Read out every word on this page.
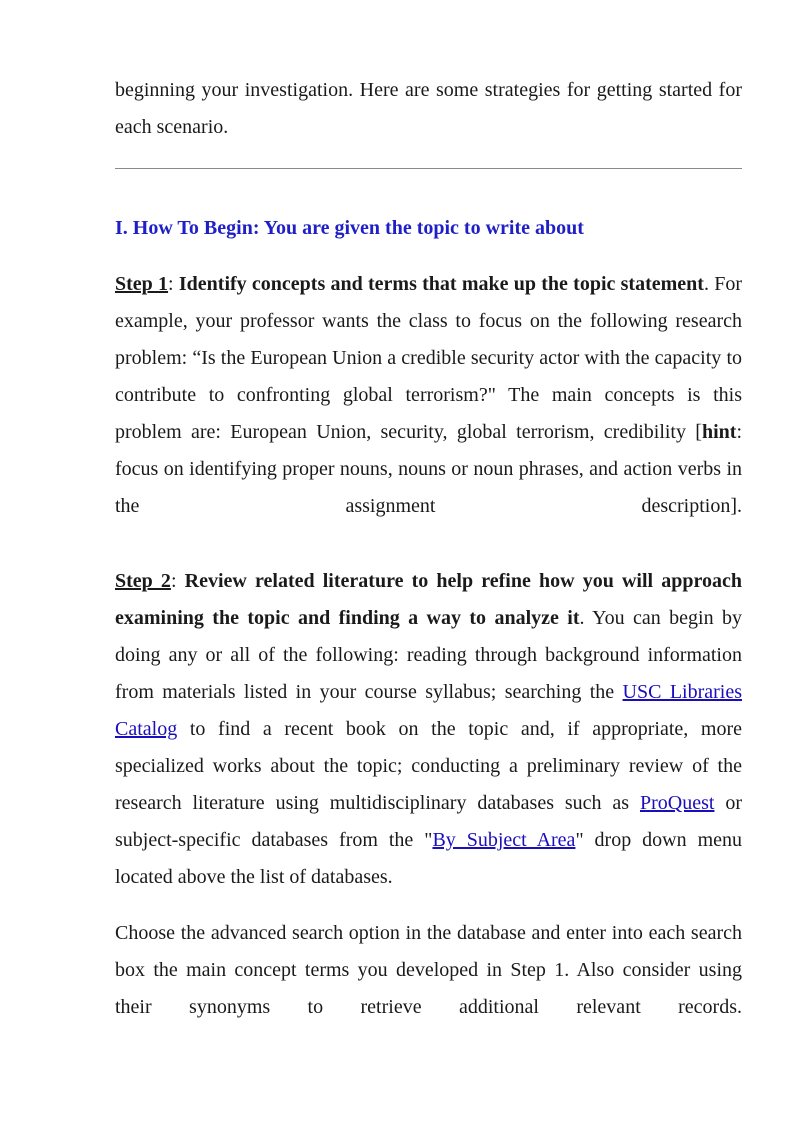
beginning your investigation. Here are some strategies for getting started for each scenario.

I. How To Begin: You are given the topic to write about

Step 1: Identify concepts and terms that make up the topic statement. For example, your professor wants the class to focus on the following research problem: “Is the European Union a credible security actor with the capacity to contribute to confronting global terrorism?" The main concepts is this problem are: European Union, security, global terrorism, credibility [hint: focus on identifying proper nouns, nouns or noun phrases, and action verbs in the assignment description].

Step 2: Review related literature to help refine how you will approach examining the topic and finding a way to analyze it. You can begin by doing any or all of the following: reading through background information from materials listed in your course syllabus; searching the USC Libraries Catalog to find a recent book on the topic and, if appropriate, more specialized works about the topic; conducting a preliminary review of the research literature using multidisciplinary databases such as ProQuest or subject-specific databases from the "By Subject Area" drop down menu located above the list of databases.

Choose the advanced search option in the database and enter into each search box the main concept terms you developed in Step 1. Also consider using their synonyms to retrieve additional relevant records.
